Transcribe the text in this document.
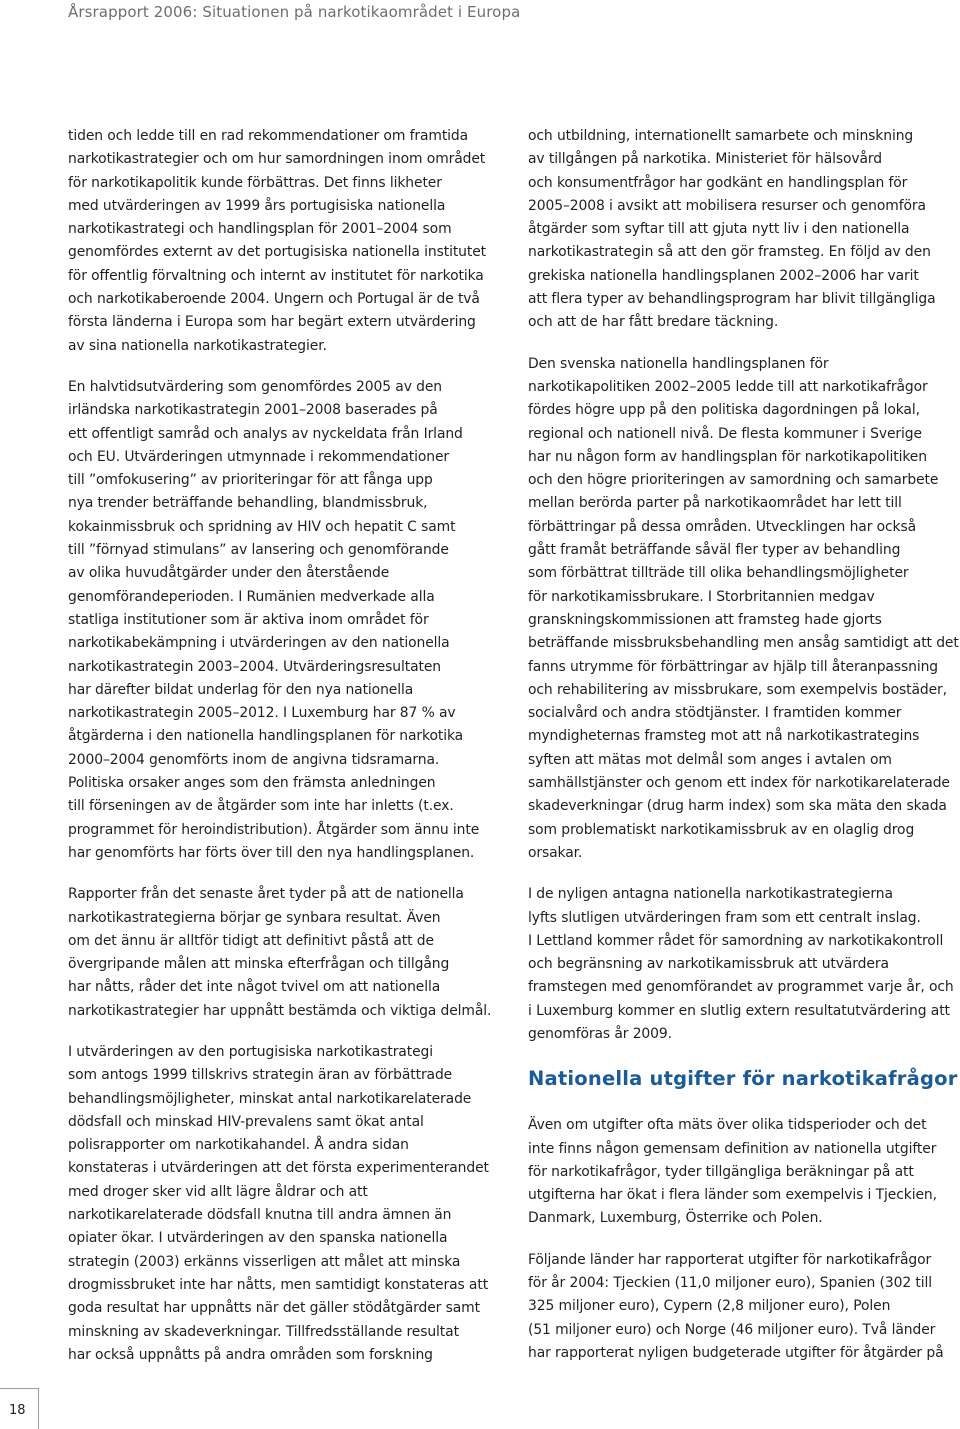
Årsrapport 2006: Situationen på narkotikaområdet i Europa

tiden och ledde till en rad rekommendationer om framtida
narkotikastrategier och om hur samordningen inom området
för narkotikapolitik kunde förbättras. Det finns likheter
med utvärderingen av 1999 års portugisiska nationella
narkotikastrategi och handlingsplan för 2001–2004 som
genomfördes externt av det portugisiska nationella institutet
för offentlig förvaltning och internt av institutet för narkotika
och narkotikaberoende 2004. Ungern och Portugal är de två
första länderna i Europa som har begärt extern utvärdering
av sina nationella narkotikastrategier.

En halvtidsutvärdering som genomfördes 2005 av den
irländska narkotikastrategin 2001–2008 baserades på
ett offentligt samråd och analys av nyckeldata från Irland
och EU. Utvärderingen utmynnade i rekommendationer
till ”omfokusering” av prioriteringar för att fånga upp
nya trender beträffande behandling, blandmissbruk,
kokainmissbruk och spridning av HIV och hepatit C samt
till ”förnyad stimulans” av lansering och genomförande
av olika huvudåtgärder under den återstående
genomförandeperioden. I Rumänien medverkade alla
statliga institutioner som är aktiva inom området för
narkotikabekämpning i utvärderingen av den nationella
narkotikastrategin 2003–2004. Utvärderingsresultaten
har därefter bildat underlag för den nya nationella
narkotikastrategin 2005–2012. I Luxemburg har 87 % av
åtgärderna i den nationella handlingsplanen för narkotika
2000–2004 genomförts inom de angivna tidsramarna.
Politiska orsaker anges som den främsta anledningen
till förseningen av de åtgärder som inte har inletts (t.ex.
programmet för heroindistribution). Åtgärder som ännu inte
har genomförts har förts över till den nya handlingsplanen.

Rapporter från det senaste året tyder på att de nationella
narkotikastrategierna börjar ge synbara resultat. Även
om det ännu är alltför tidigt att definitivt påstå att de
övergripande målen att minska efterfrågan och tillgång
har nåtts, råder det inte något tvivel om att nationella
narkotikastrategier har uppnått bestämda och viktiga delmål.

I utvärderingen av den portugisiska narkotikastrategi
som antogs 1999 tillskrivs strategin äran av förbättrade
behandlingsmöjligheter, minskat antal narkotikarelaterade
dödsfall och minskad HIV-prevalens samt ökat antal
polisrapporter om narkotikahandel. Å andra sidan
konstateras i utvärderingen att det första experimenterandet
med droger sker vid allt lägre åldrar och att
narkotikarelaterade dödsfall knutna till andra ämnen än
opiater ökar. I utvärderingen av den spanska nationella
strategin (2003) erkänns visserligen att målet att minska
drogmissbruket inte har nåtts, men samtidigt konstateras att
goda resultat har uppnåtts när det gäller stödåtgärder samt
minskning av skadeverkningar. Tillfredsställande resultat
har också uppnåtts på andra områden som forskning

och utbildning, internationellt samarbete och minskning
av tillgången på narkotika. Ministeriet för hälsovård
och konsumentfrågor har godkänt en handlingsplan för
2005–2008 i avsikt att mobilisera resurser och genomföra
åtgärder som syftar till att gjuta nytt liv i den nationella
narkotikastrategin så att den gör framsteg. En följd av den
grekiska nationella handlingsplanen 2002–2006 har varit
att flera typer av behandlingsprogram har blivit tillgängliga
och att de har fått bredare täckning.

Den svenska nationella handlingsplanen för
narkotikapolitiken 2002–2005 ledde till att narkotikafrågor
fördes högre upp på den politiska dagordningen på lokal,
regional och nationell nivå. De flesta kommuner i Sverige
har nu någon form av handlingsplan för narkotikapolitiken
och den högre prioriteringen av samordning och samarbete
mellan berörda parter på narkotikaområdet har lett till
förbättringar på dessa områden. Utvecklingen har också
gått framåt beträffande såväl fler typer av behandling
som förbättrat tillträde till olika behandlingsmöjligheter
för narkotikamissbrukare. I Storbritannien medgav
granskningskommissionen att framsteg hade gjorts
beträffande missbruksbehandling men ansåg samtidigt att det
fanns utrymme för förbättringar av hjälp till återanpassning
och rehabilitering av missbrukare, som exempelvis bostäder,
socialvård och andra stödtjänster. I framtiden kommer
myndigheternas framsteg mot att nå narkotikastrategins
syften att mätas mot delmål som anges i avtalen om
samhällstjänster och genom ett index för narkotikarelaterade
skadeverkningar (drug harm index) som ska mäta den skada
som problematiskt narkotikamissbruk av en olaglig drog
orsakar.

I de nyligen antagna nationella narkotikastrategierna
lyfts slutligen utvärderingen fram som ett centralt inslag.
I Lettland kommer rådet för samordning av narkotikakontroll
och begränsning av narkotikamissbruk att utvärdera
framstegen med genomförandet av programmet varje år, och
i Luxemburg kommer en slutlig extern resultatutvärdering att
genomföras år 2009.

Nationella utgifter för narkotikafrågor

Även om utgifter ofta mäts över olika tidsperioder och det
inte finns någon gemensam definition av nationella utgifter
för narkotikafrågor, tyder tillgängliga beräkningar på att
utgifterna har ökat i flera länder som exempelvis i Tjeckien,
Danmark, Luxemburg, Österrike och Polen.

Följande länder har rapporterat utgifter för narkotikafrågor
för år 2004: Tjeckien (11,0 miljoner euro), Spanien (302 till
325 miljoner euro), Cypern (2,8 miljoner euro), Polen
(51 miljoner euro) och Norge (46 miljoner euro). Två länder
har rapporterat nyligen budgeterade utgifter för åtgärder på

18
